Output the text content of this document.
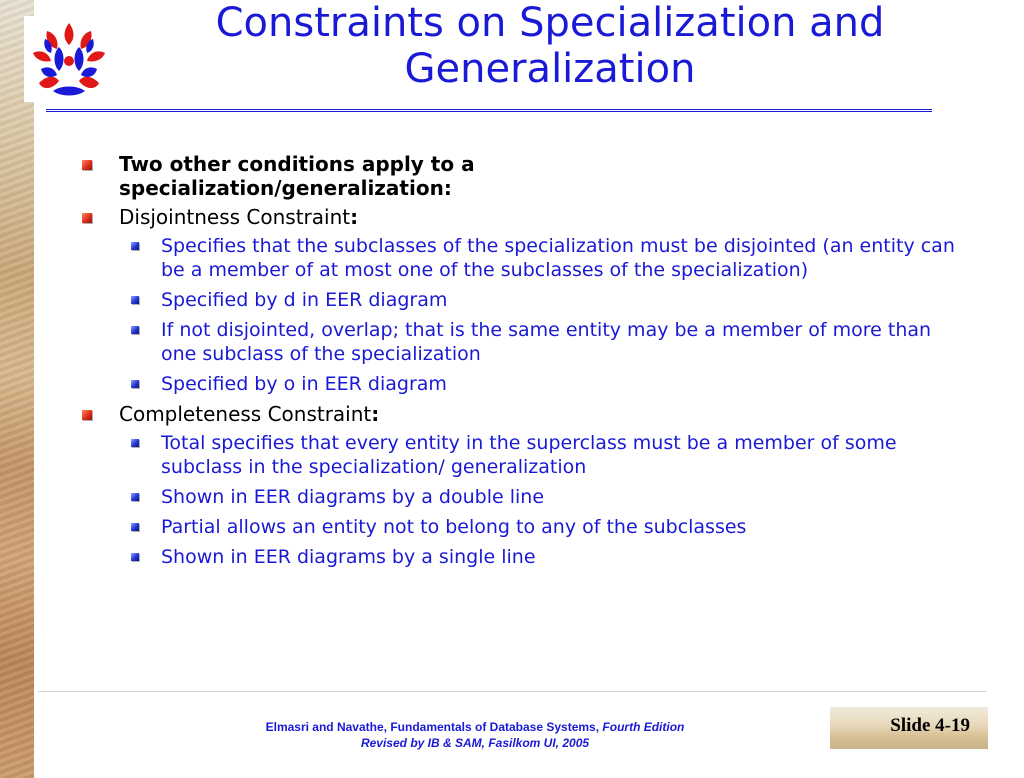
Constraints on Specialization and
Generalization
Two other conditions apply to a specialization/generalization:
Disjointness Constraint:
Specifies that the subclasses of the specialization must be disjointed (an entity can be a member of at most one of the subclasses of the specialization)
Specified by d in EER diagram
If not disjointed, overlap; that is the same entity may be a member of more than one subclass of the specialization
Specified by o in EER diagram
Completeness Constraint:
Total specifies that every entity in the superclass must be a member of some subclass in the specialization/ generalization
Shown in EER diagrams by a double line
Partial allows an entity not to belong to any of the subclasses
Shown in EER diagrams by a single line
Elmasri and Navathe, Fundamentals of Database Systems, Fourth Edition
Revised by IB & SAM, Fasilkom UI, 2005
Slide 4-19
